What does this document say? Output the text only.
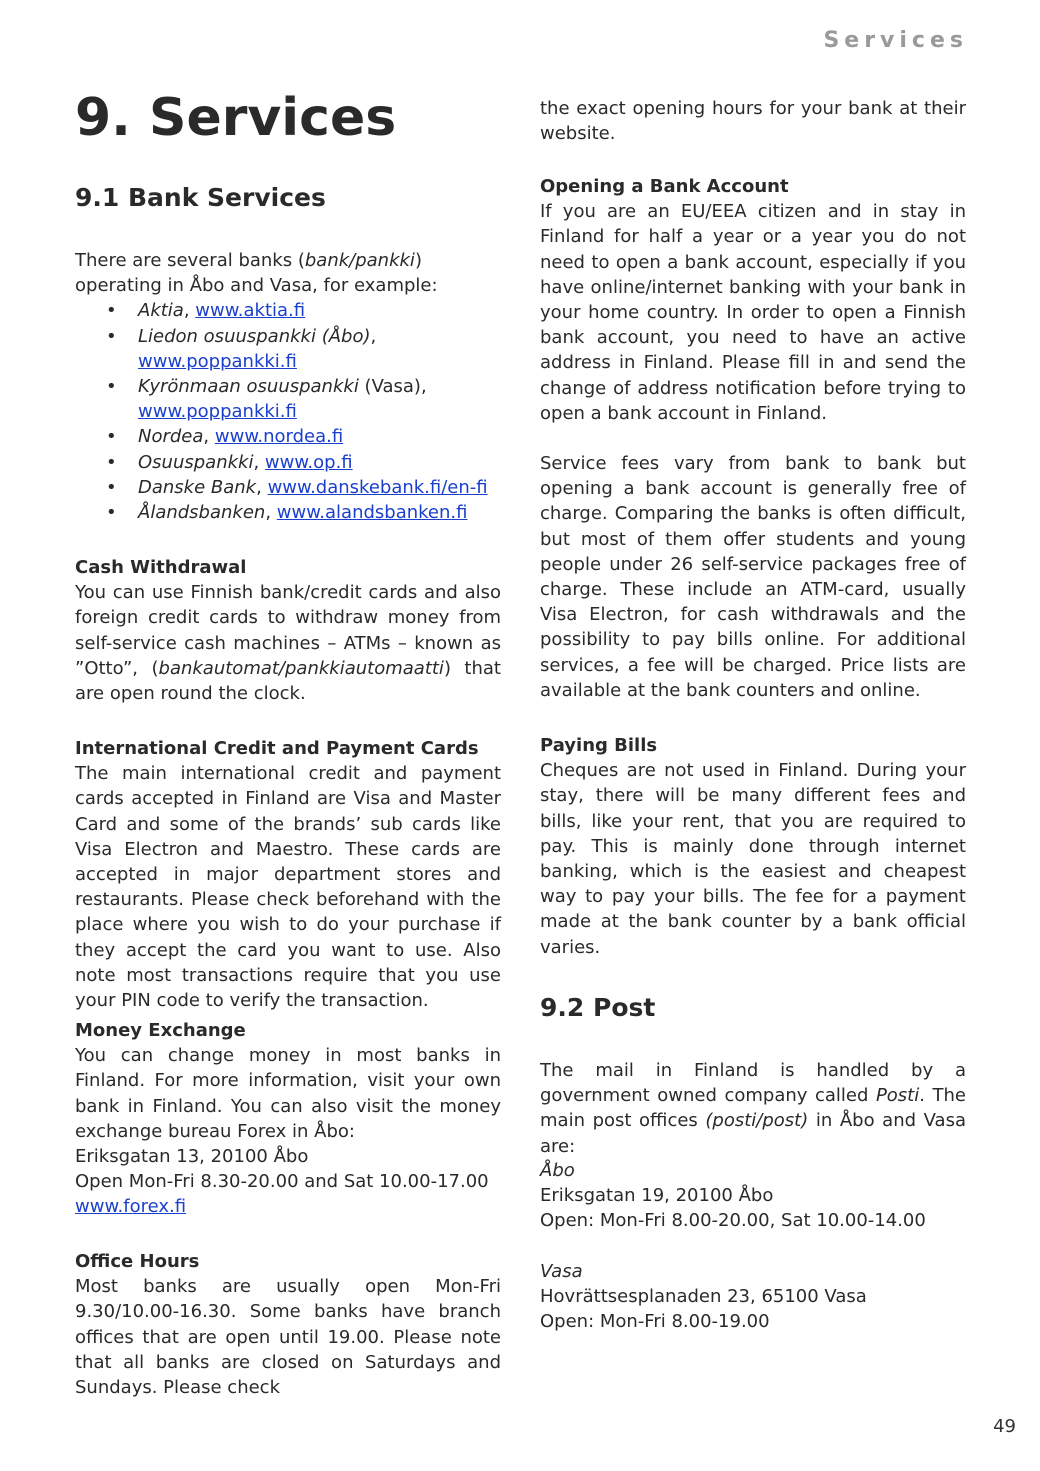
Services
9. Services
9.1 Bank Services

There are several banks (bank/pankki) operating in Åbo and Vasa, for example:

• Aktia, www.aktia.fi
• Liedon osuuspankki (Åbo),
www.poppankki.fi
• Kyrönmaan osuuspankki (Vasa),
www.poppankki.fi
• Nordea, www.nordea.fi
• Osuuspankki, www.op.fi
• Danske Bank, www.danskebank.fi/en-fi
• Ålandsbanken, www.alandsbanken.fi
Cash Withdrawal

You can use Finnish bank/credit cards and also foreign credit cards to withdraw money from self-service cash machines – ATMs – known as ”Otto”, (bankautomat/pankkiautomaatti) that are open round the clock.

International Credit and Payment Cards

The main international credit and payment cards accepted in Finland are Visa and Master Card and some of the brands’ sub cards like Visa Electron and Maestro. These cards are accepted in major department stores and restaurants. Please check beforehand with the place where you wish to do your purchase if they accept the card you want to use. Also note most transactions require that you use your PIN code to verify the transaction.

Money Exchange

You can change money in most banks in Finland. For more information, visit your own bank in Finland. You can also visit the money exchange bureau Forex in Åbo:

Eriksgatan 13, 20100 Åbo
Open Mon-Fri 8.30-20.00 and Sat 10.00-17.00
www.forex.fi
Office Hours

Most banks are usually open Mon-Fri 9.30/10.00-16.30. Some banks have branch offices that are open until 19.00. Please note that all banks are closed on Saturdays and Sundays. Please check

the exact opening hours for your bank at their website.

Opening a Bank Account

If you are an EU/EEA citizen and in stay in Finland for half a year or a year you do not need to open a bank account, especially if you have online/internet banking with your bank in your home country. In order to open a Finnish bank account, you need to have an active address in Finland. Please fill in and send the change of address notification before trying to open a bank account in Finland.

Service fees vary from bank to bank but opening a bank account is generally free of charge. Comparing the banks is often difficult, but most of them offer students and young people under 26 self-service packages free of charge. These include an ATM-card, usually Visa Electron, for cash withdrawals and the possibility to pay bills online. For additional services, a fee will be charged. Price lists are available at the bank counters and online.

Paying Bills

Cheques are not used in Finland. During your stay, there will be many different fees and bills, like your rent, that you are required to pay. This is mainly done through internet banking, which is the easiest and cheapest way to pay your bills. The fee for a payment made at the bank counter by a bank official varies.

9.2 Post

The mail in Finland is handled by a government owned company called Posti. The main post offices (posti/post) in Åbo and Vasa are:

Åbo
Eriksgatan 19, 20100 Åbo
Open: Mon-Fri 8.00-20.00, Sat 10.00-14.00
Vasa
Hovrättsesplanaden 23, 65100 Vasa
Open: Mon-Fri 8.00-19.00
49
